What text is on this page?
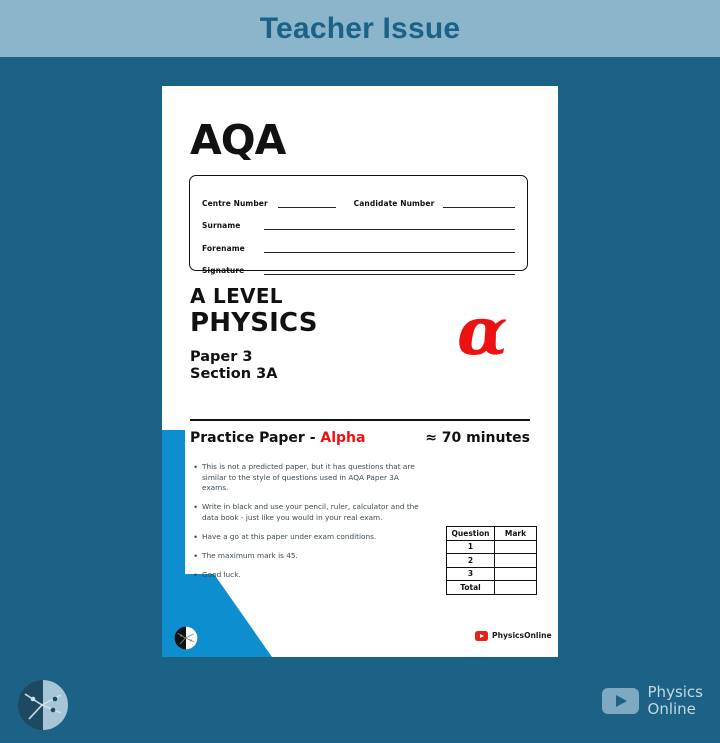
Teacher Issue
AQA
Centre Number	Candidate Number
Surname
Forename
Signature
A LEVEL
PHYSICS
Paper 3
Section 3A
α
Practice Paper - Alpha	≈ 70 minutes
• This is not a predicted paper, but it has questions that are similar to the style of questions used in AQA Paper 3A exams.
• Write in black and use your pencil, ruler, calculator and the data book - just like you would in your real exam.
• Have a go at this paper under exam conditions.
• The maximum mark is 45.
• Good luck.
Question	Mark
1	
2	
3	
Total	
PhysicsOnline
Physics
Online
